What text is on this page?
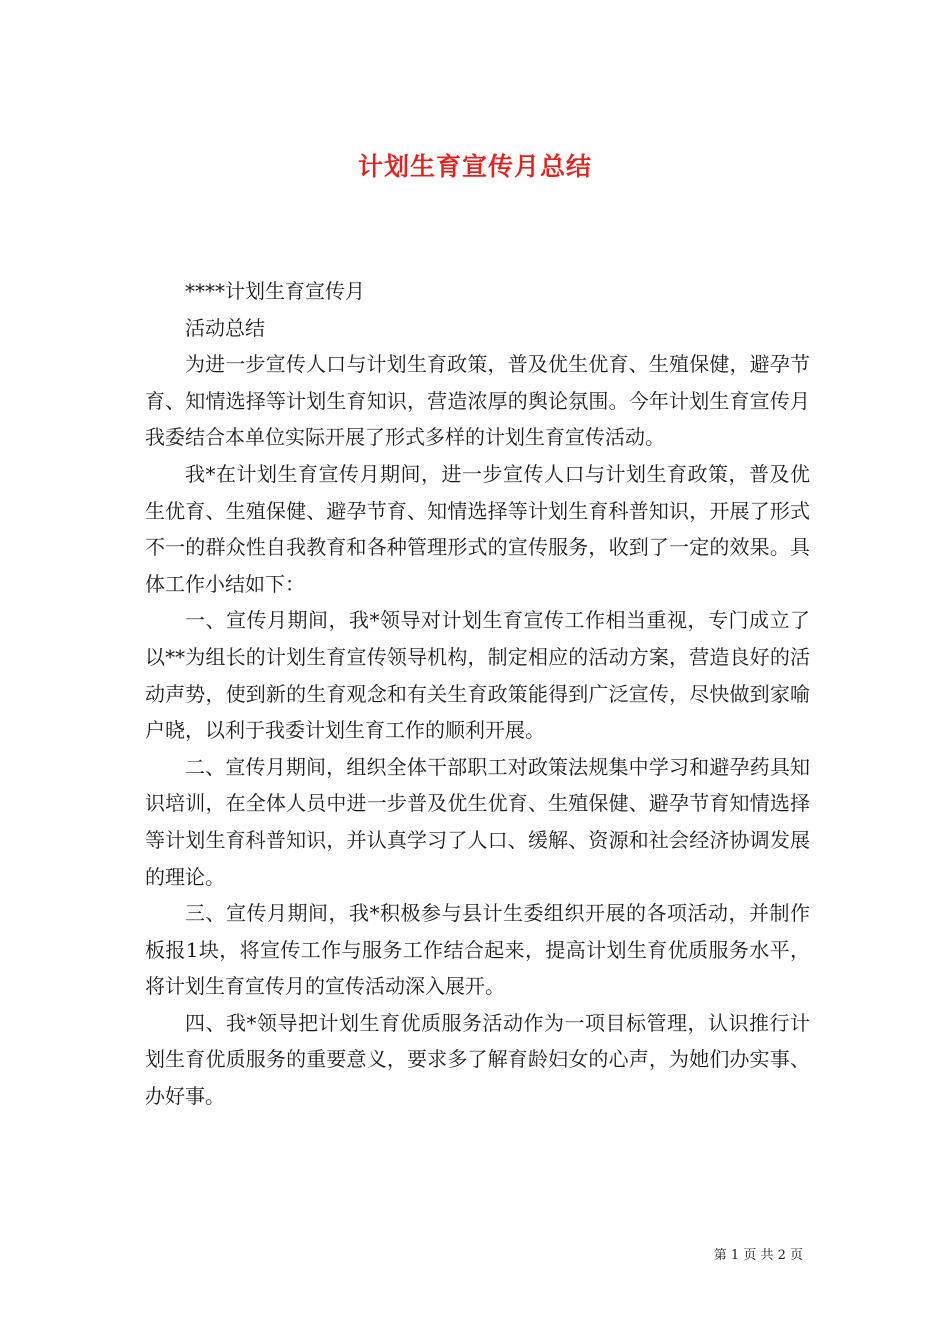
计划生育宣传月总结

****计划生育宣传月

活动总结

为进一步宣传人口与计划生育政策，普及优生优育、生殖保健，避孕节育、知情选择等计划生育知识，营造浓厚的舆论氛围。今年计划生育宣传月我委结合本单位实际开展了形式多样的计划生育宣传活动。

我*在计划生育宣传月期间，进一步宣传人口与计划生育政策，普及优生优育、生殖保健、避孕节育、知情选择等计划生育科普知识，开展了形式不一的群众性自我教育和各种管理形式的宣传服务，收到了一定的效果。具体工作小结如下：

一、宣传月期间，我*领导对计划生育宣传工作相当重视，专门成立了以**为组长的计划生育宣传领导机构，制定相应的活动方案，营造良好的活动声势，使到新的生育观念和有关生育政策能得到广泛宣传，尽快做到家喻户晓，以利于我委计划生育工作的顺利开展。

二、宣传月期间，组织全体干部职工对政策法规集中学习和避孕药具知识培训，在全体人员中进一步普及优生优育、生殖保健、避孕节育知情选择等计划生育科普知识，并认真学习了人口、缓解、资源和社会经济协调发展的理论。

三、宣传月期间，我*积极参与县计生委组织开展的各项活动，并制作板报1块，将宣传工作与服务工作结合起来，提高计划生育优质服务水平，将计划生育宣传月的宣传活动深入展开。

四、我*领导把计划生育优质服务活动作为一项目标管理，认识推行计划生育优质服务的重要意义，要求多了解育龄妇女的心声，为她们办实事、办好事。

第 1 页 共 2 页
